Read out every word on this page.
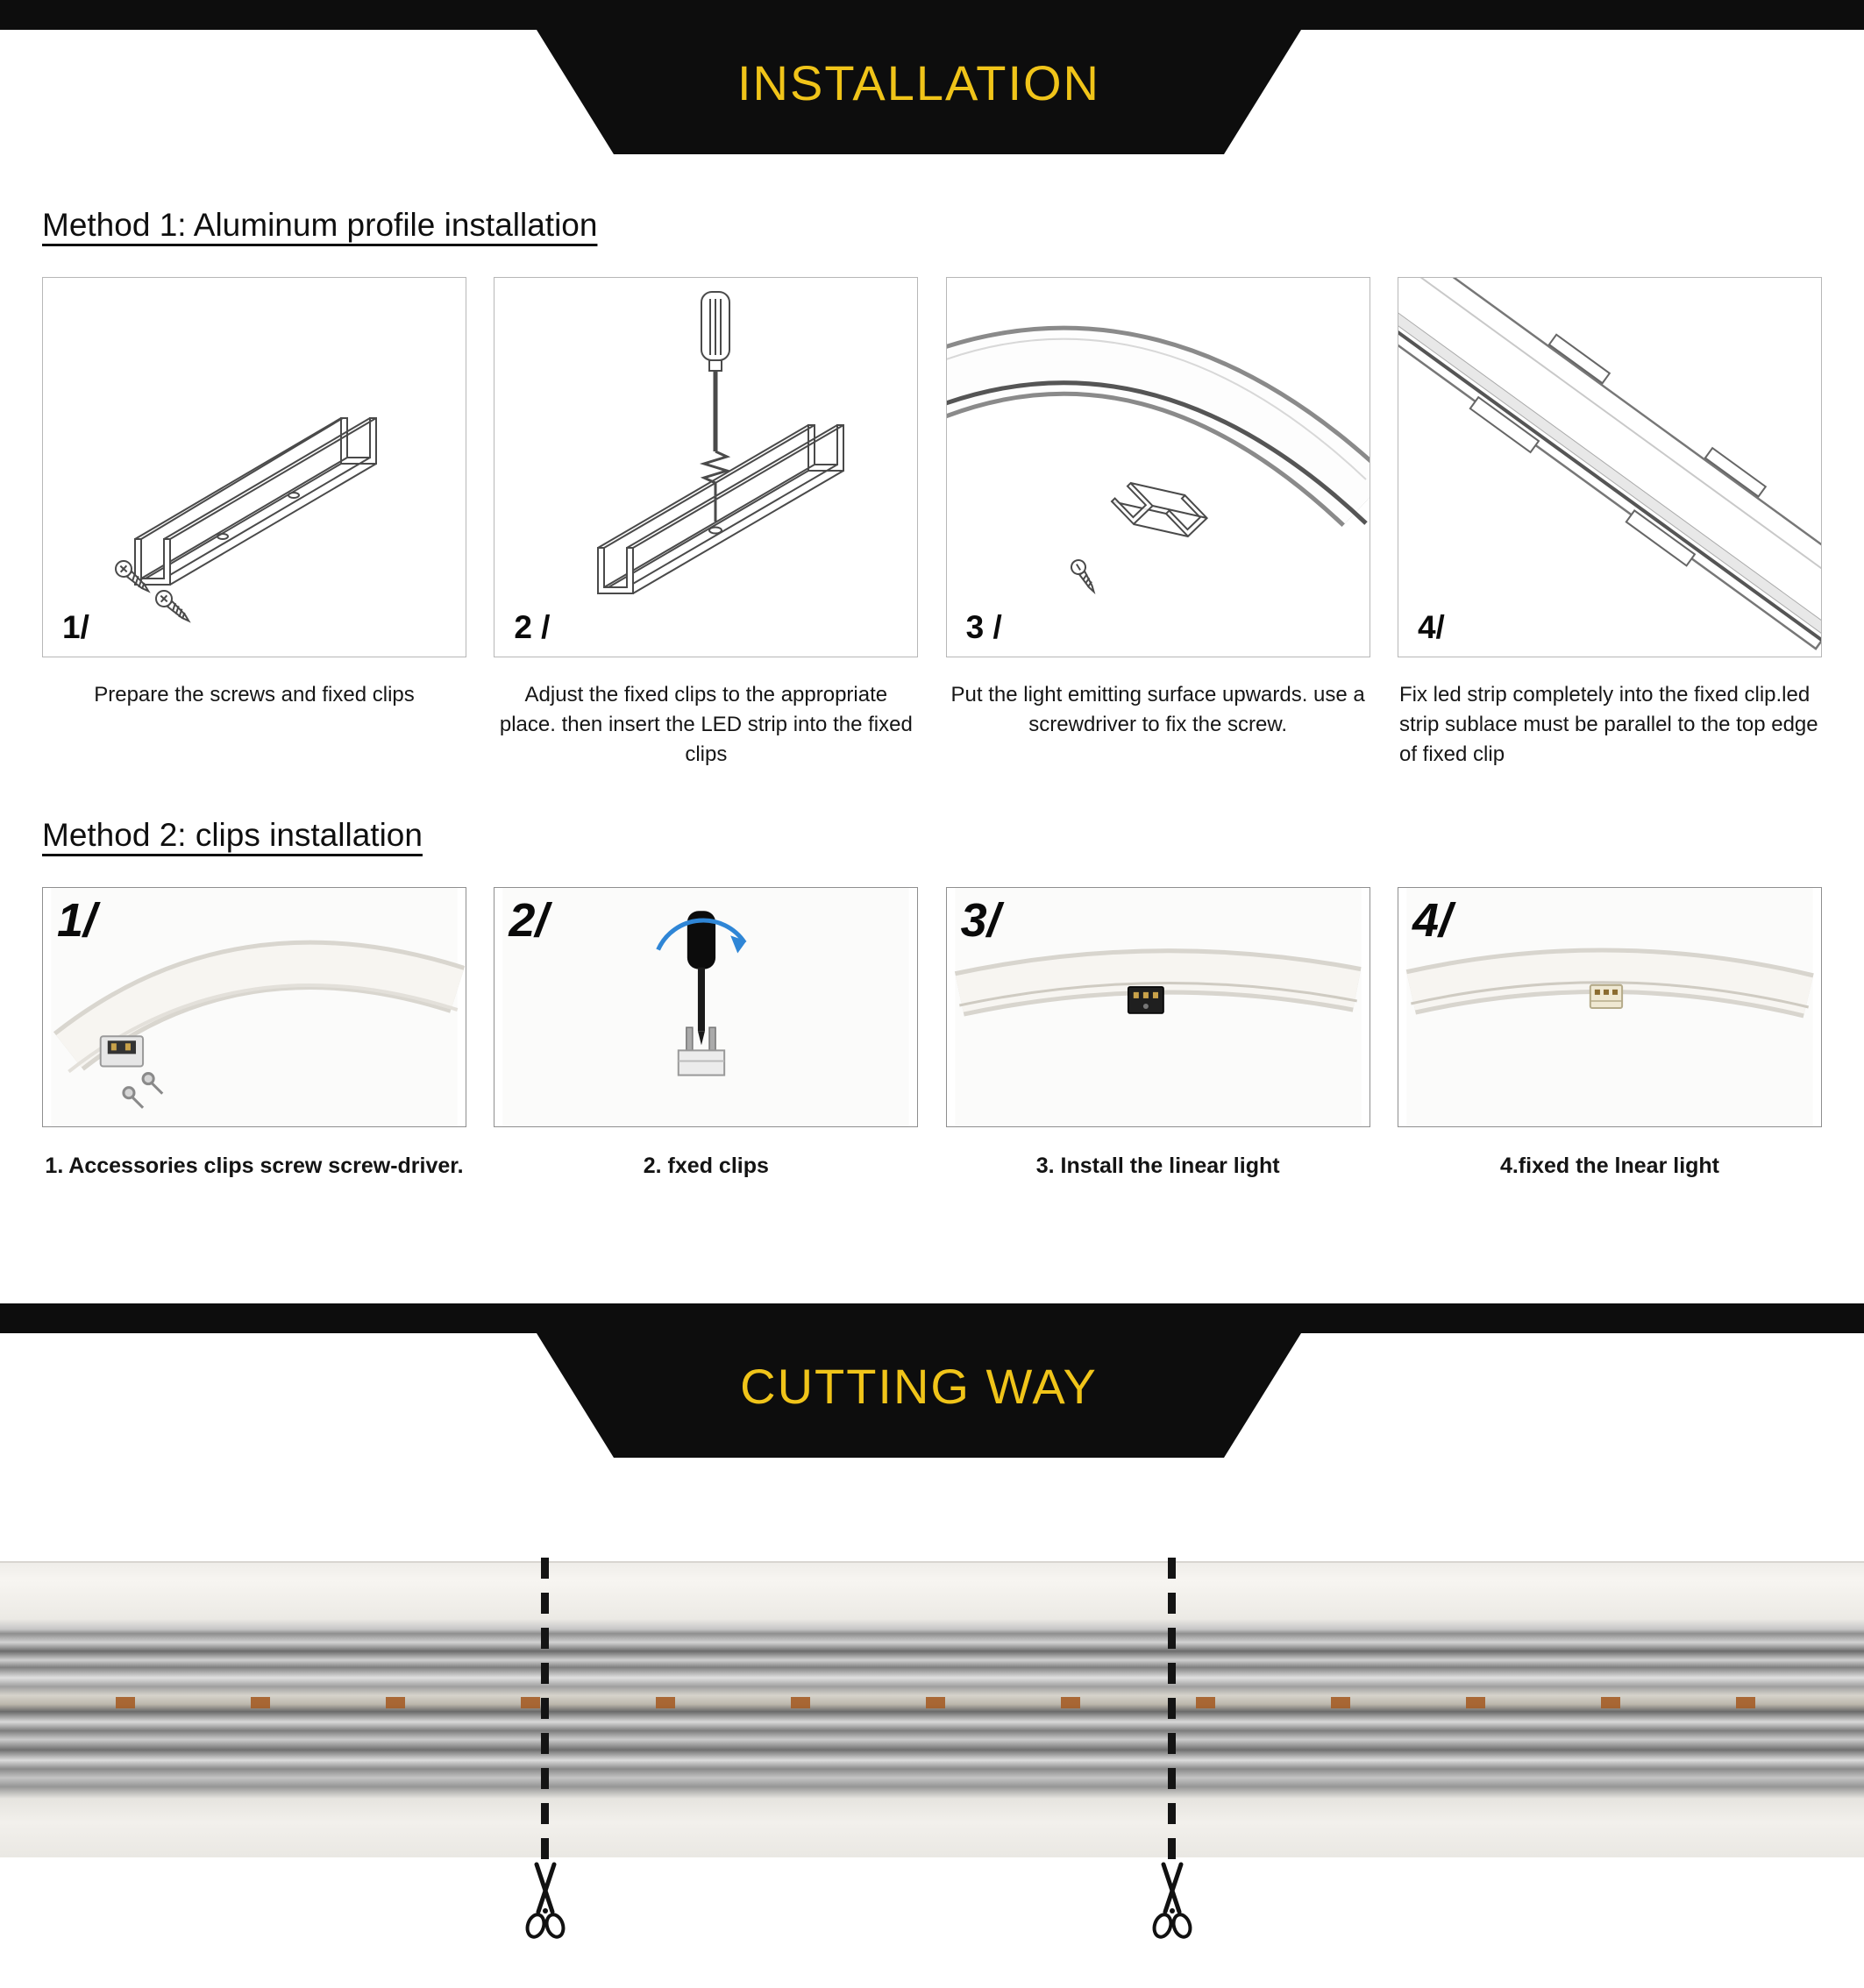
INSTALLATION
Method 1: Aluminum profile installation
1/
Prepare the screws and fixed clips
2 /
Adjust the fixed clips to the appropriate place. then insert the LED strip into the fixed clips
3 /
Put the light emitting surface upwards. use a screwdriver to fix the screw.
4/
Fix led strip completely into the fixed clip.led strip sublace must be parallel to the top edge of fixed clip
Method 2: clips installation
1/
1. Accessories clips screw screw-driver.
2/
2. fxed clips
3/
3. Install the linear light
4/
4.fixed the lnear light
CUTTING WAY
